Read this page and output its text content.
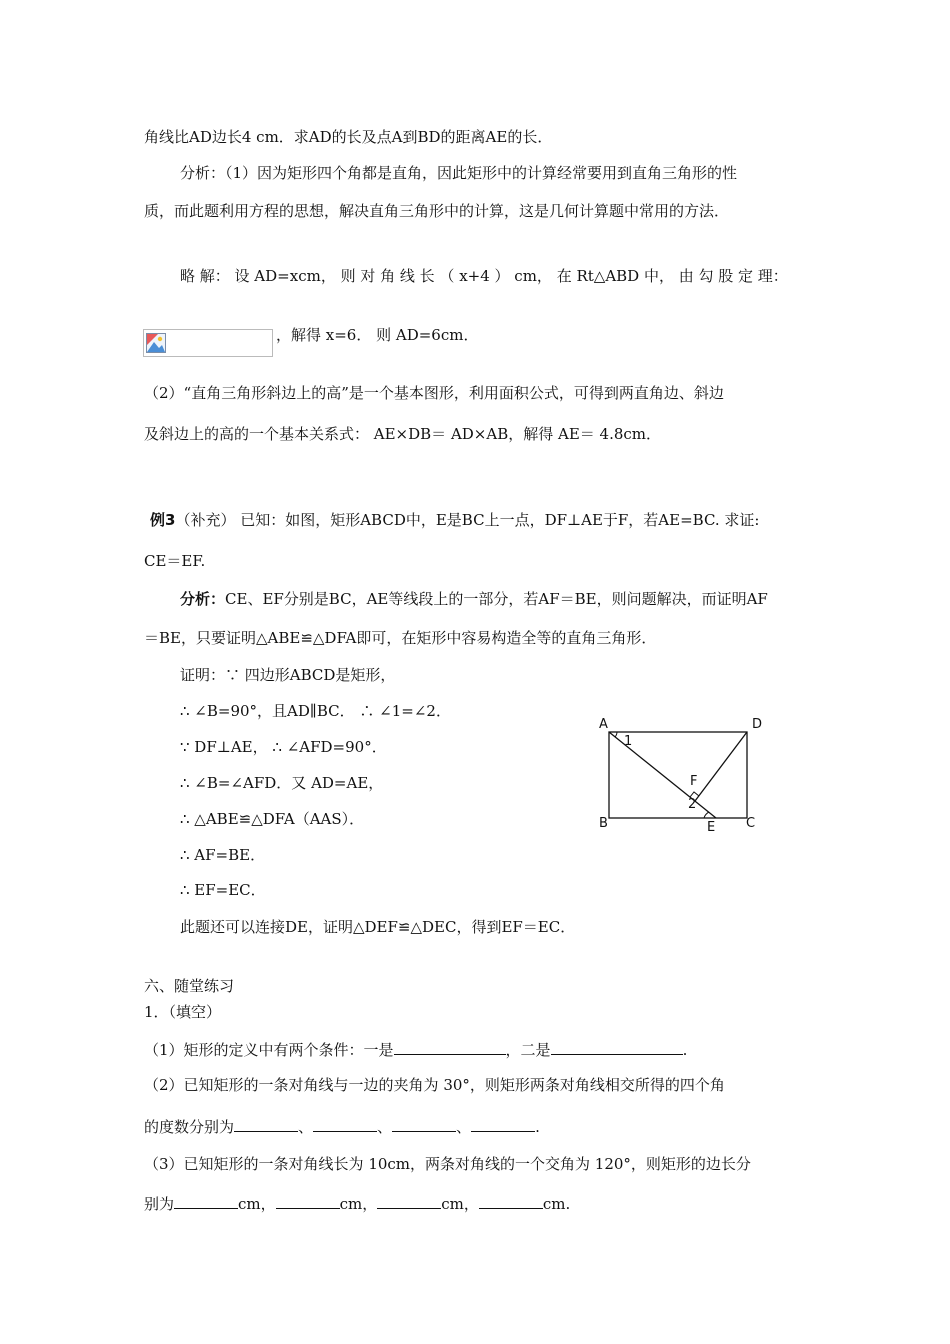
角线比AD边长4 cm．求AD的长及点A到BD的距离AE的长．
分析：（1）因为矩形四个角都是直角，因此矩形中的计算经常要用到直角三角形的性
质，而此题利用方程的思想，解决直角三角形中的计算，这是几何计算题中常用的方法．
略 解： 设 AD=xcm， 则 对 角 线 长 （ x+4 ） cm， 在 Rt△ABD 中， 由 勾 股 定 理：
，解得 x=6． 则 AD=6cm．
（2）“直角三角形斜边上的高”是一个基本图形，利用面积公式，可得到两直角边、斜边
及斜边上的高的一个基本关系式： AE×DB＝ AD×AB，解得 AE＝ 4.8cm．
例3（补充） 已知：如图，矩形ABCD中，E是BC上一点，DF⊥AE于F，若AE=BC. 求证:
CE＝EF.
分析：CE、EF分别是BC，AE等线段上的一部分，若AF＝BE，则问题解决，而证明AF
＝BE，只要证明△ABE≌△DFA即可，在矩形中容易构造全等的直角三角形．
证明：∵ 四边形ABCD是矩形，
∴ ∠B=90°，且AD∥BC． ∴ ∠1=∠2．
∵ DF⊥AE， ∴ ∠AFD=90°．
∴ ∠B=∠AFD．又 AD=AE，
∴ △ABE≌△DFA（AAS）．
∴ AF=BE．
∴ EF=EC．
此题还可以连接DE，证明△DEF≌△DEC，得到EF＝EC．
A	D
B	C
E
F
1
2
六、随堂练习
1．（填空）
（1）矩形的定义中有两个条件：一是	，二是	.
（2）已知矩形的一条对角线与一边的夹角为 30°，则矩形两条对角线相交所得的四个角
的度数分别为	、	、	、	.
（3）已知矩形的一条对角线长为 10cm，两条对角线的一个交角为 120°，则矩形的边长分
别为	cm，	cm，	cm，	cm.
